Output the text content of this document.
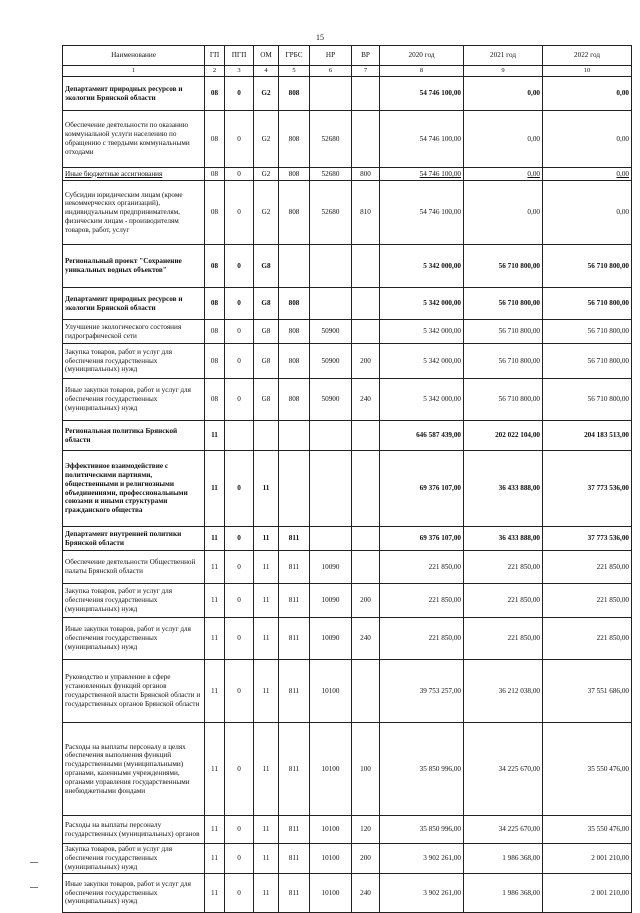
15
Наименование	ГП	ПГП	ОМ	ГРБС	НР	ВР	2020 год	2021 год	2022 год
1	2	3	4	5	6	7	8	9	10
Департамент природных ресурсов и экологии Брянской области	08	0	G2	808			54 746 100,00	0,00	0,00
Обеспечение деятельности по оказанию коммунальной услуги населению по обращению с твердыми коммунальными отходами	08	0	G2	808	52680		54 746 100,00	0,00	0,00
Иные бюджетные ассигнования	08	0	G2	808	52680	800	54 746 100,00	0,00	0,00
Субсидии юридическим лицам (кроме некоммерческих организаций), индивидуальным предпринимателям, физическим лицам - производителям товаров, работ, услуг	08	0	G2	808	52680	810	54 746 100,00	0,00	0,00
Региональный проект "Сохранение уникальных водных объектов"	08	0	G8				5 342 000,00	56 710 800,00	56 710 800,00
Департамент природных ресурсов и экологии Брянской области	08	0	G8	808			5 342 000,00	56 710 800,00	56 710 800,00
Улучшение экологического состояния гидрографической сети	08	0	G8	808	50900		5 342 000,00	56 710 800,00	56 710 800,00
Закупка товаров, работ и услуг для обеспечения государственных (муниципальных) нужд	08	0	G8	808	50900	200	5 342 000,00	56 710 800,00	56 710 800,00
Иные закупки товаров, работ и услуг для обеспечения государственных (муниципальных) нужд	08	0	G8	808	50900	240	5 342 000,00	56 710 800,00	56 710 800,00
Региональная политика Брянской области	11						646 587 439,00	202 022 104,00	204 183 513,00
Эффективное взаимодействие с политическими партиями, общественными и религиозными объединениями, профессиональными союзами и иными структурами гражданского общества	11	0	11				69 376 107,00	36 433 888,00	37 773 536,00
Департамент внутренней политики Брянской области	11	0	11	811			69 376 107,00	36 433 888,00	37 773 536,00
Обеспечение деятельности Общественной палаты Брянской области	11	0	11	811	10090		221 850,00	221 850,00	221 850,00
Закупка товаров, работ и услуг для обеспечения государственных (муниципальных) нужд	11	0	11	811	10090	200	221 850,00	221 850,00	221 850,00
Иные закупки товаров, работ и услуг для обеспечения государственных (муниципальных) нужд	11	0	11	811	10090	240	221 850,00	221 850,00	221 850,00
Руководство и управление в сфере установленных функций органов государственной власти Брянской области и государственных органов Брянской области	11	0	11	811	10100		39 753 257,00	36 212 038,00	37 551 686,00
Расходы на выплаты персоналу в целях обеспечения выполнения функций государственными (муниципальными) органами, казенными учреждениями, органами управления государственными внебюджетными фондами	11	0	11	811	10100	100	35 850 996,00	34 225 670,00	35 550 476,00
Расходы на выплаты персоналу государственных (муниципальных) органов	11	0	11	811	10100	120	35 850 996,00	34 225 670,00	35 550 476,00
Закупка товаров, работ и услуг для обеспечения государственных (муниципальных) нужд	11	0	11	811	10100	200	3 902 261,00	1 986 368,00	2 001 210,00
Иные закупки товаров, работ и услуг для обеспечения государственных (муниципальных) нужд	11	0	11	811	10100	240	3 902 261,00	1 986 368,00	2 001 210,00
